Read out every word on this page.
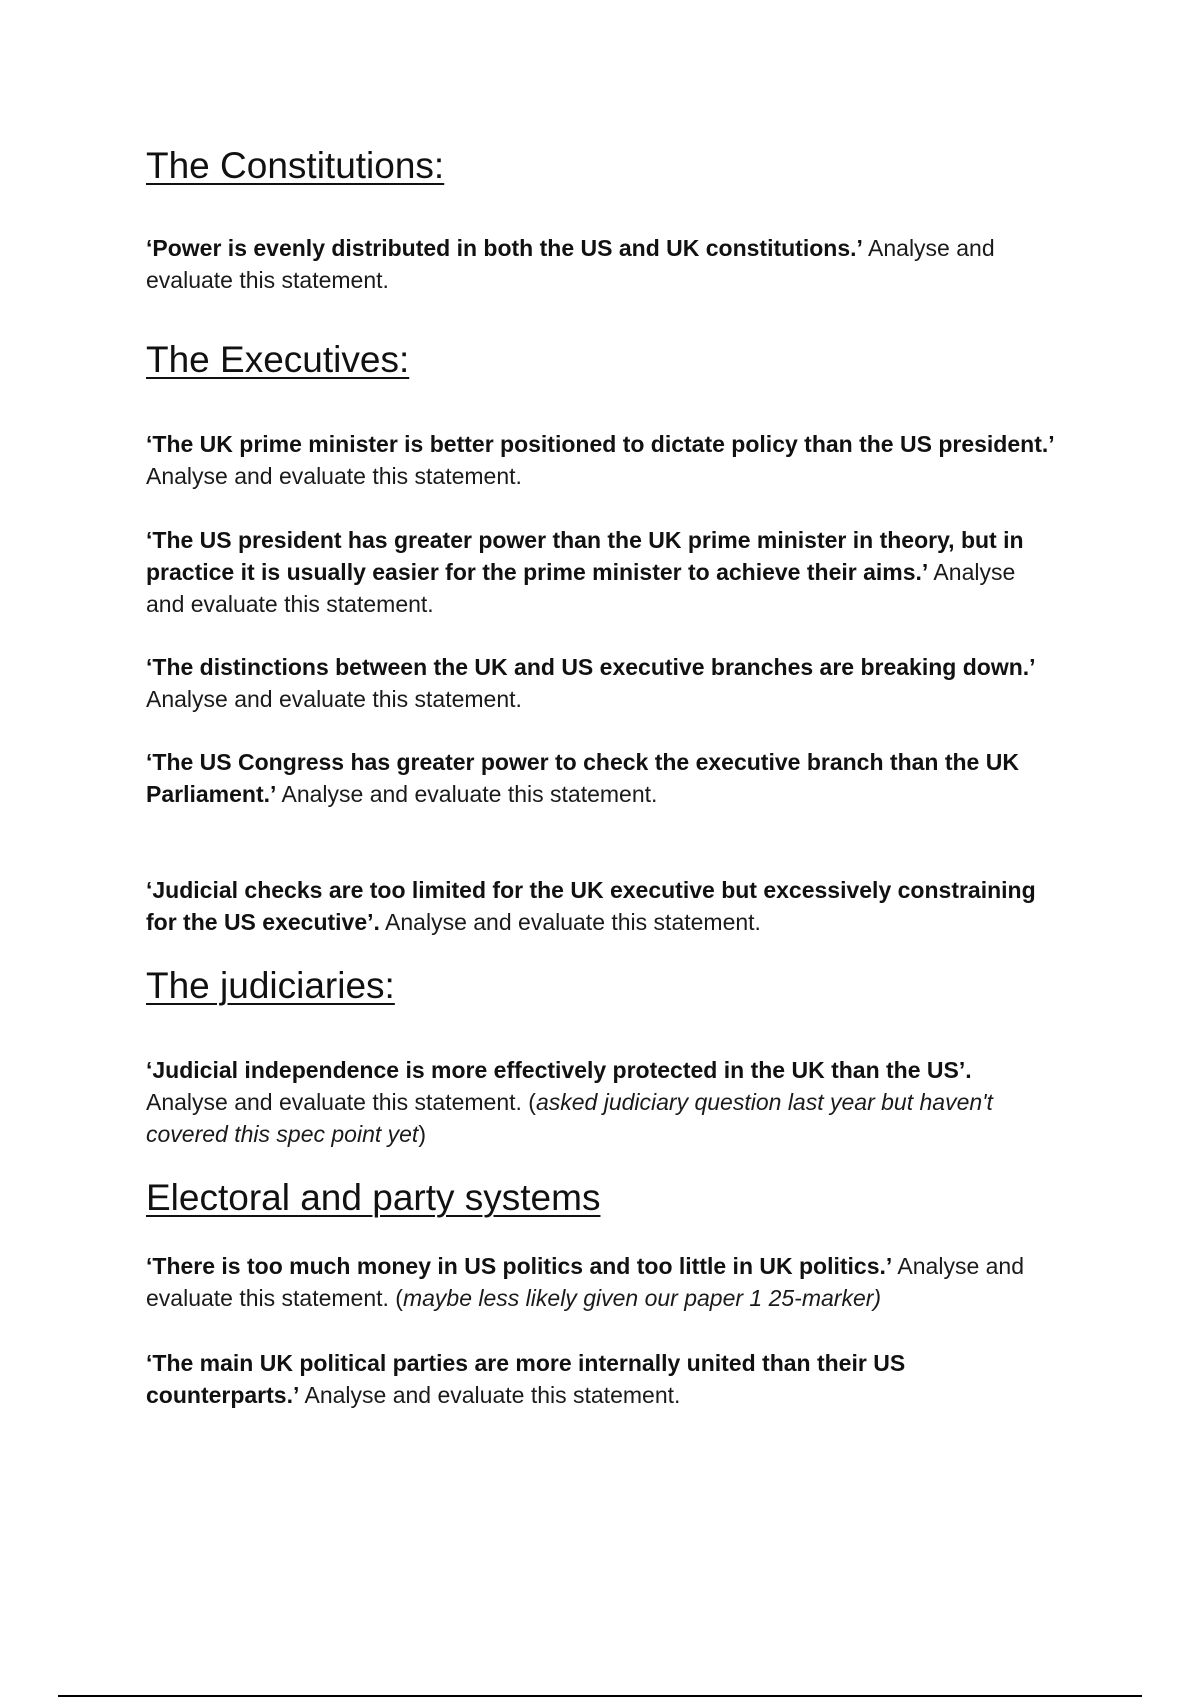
The Constitutions:

‘Power is evenly distributed in both the US and UK constitutions.’ Analyse and evaluate this statement.

The Executives:

‘The UK prime minister is better positioned to dictate policy than the US president.’ Analyse and evaluate this statement.

‘The US president has greater power than the UK prime minister in theory, but in practice it is usually easier for the prime minister to achieve their aims.’ Analyse and evaluate this statement.

‘The distinctions between the UK and US executive branches are breaking down.’ Analyse and evaluate this statement.

‘The US Congress has greater power to check the executive branch than the UK Parliament.’ Analyse and evaluate this statement.

‘Judicial checks are too limited for the UK executive but excessively constraining for the US executive’. Analyse and evaluate this statement.

The judiciaries:

‘Judicial independence is more effectively protected in the UK than the US’. Analyse and evaluate this statement. (asked judiciary question last year but haven't covered this spec point yet)

Electoral and party systems

‘There is too much money in US politics and too little in UK politics.’ Analyse and evaluate this statement. (maybe less likely given our paper 1 25-marker)

‘The main UK political parties are more internally united than their US counterparts.’ Analyse and evaluate this statement.
